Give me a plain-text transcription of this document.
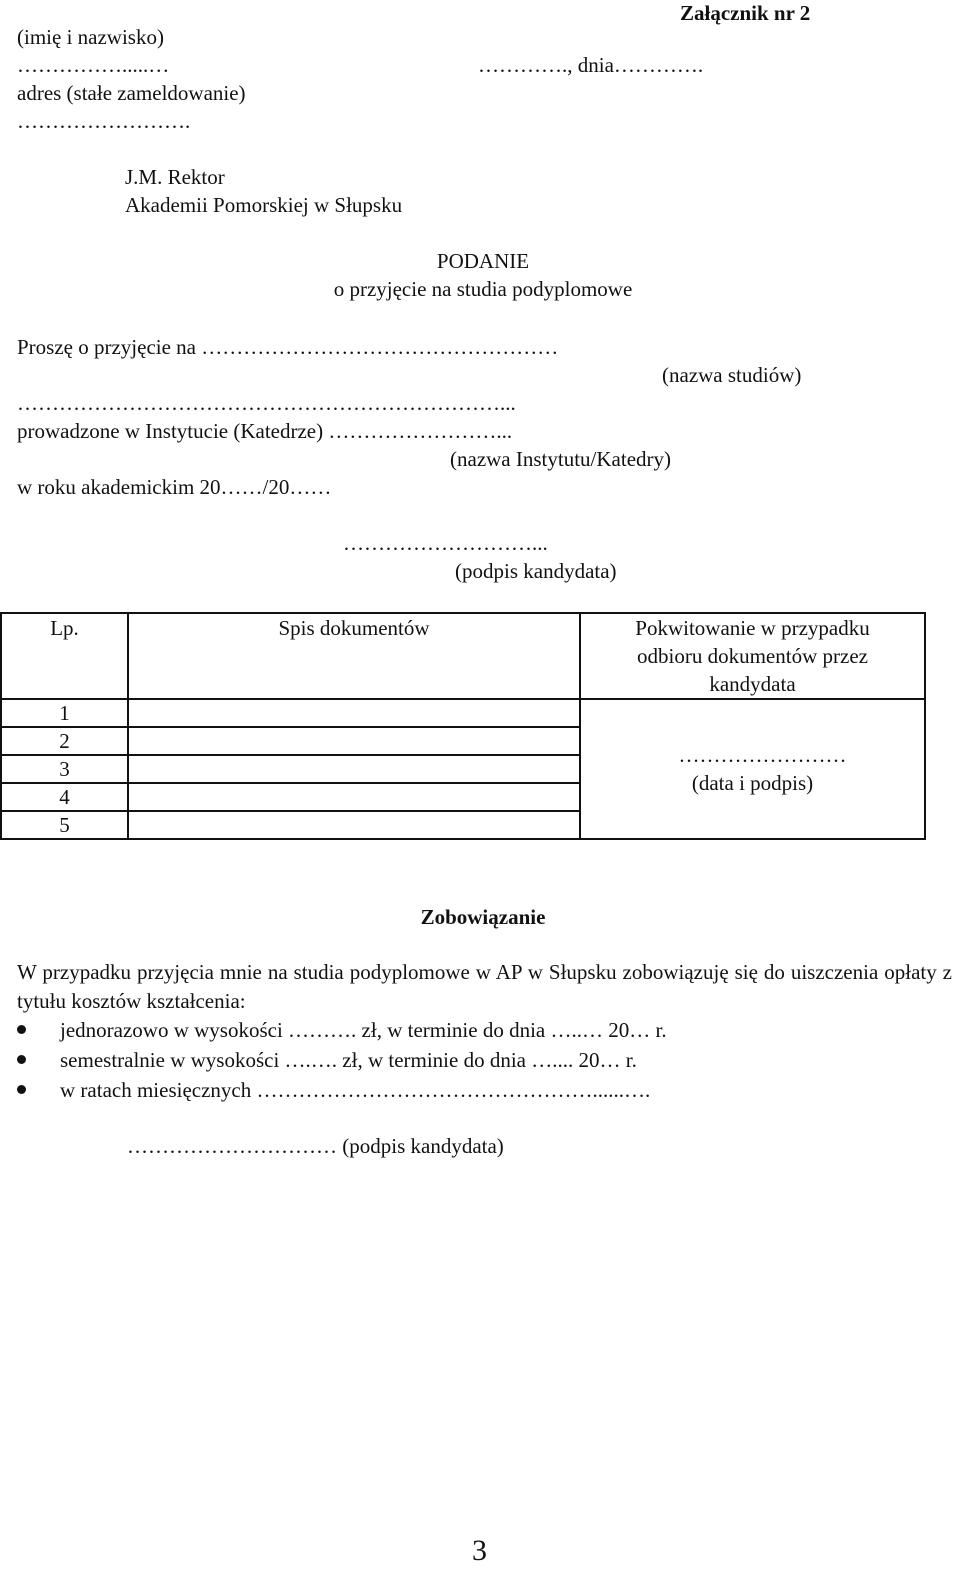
Załącznik nr 2
(imię i nazwisko)
…………….....…	…………., dnia………….
adres (stałe zameldowanie)
…………………….
J.M. Rektor
Akademii Pomorskiej w Słupsku
PODANIE
o przyjęcie na studia podyplomowe
Proszę o przyjęcie na ……………………………………………
(nazwa studiów)
……………………………………………………………...
prowadzone w Instytucie (Katedrze) ……………………...
(nazwa Instytutu/Katedry)
w roku akademickim 20……/20……
………………………...
(podpis kandydata)
Lp.	Spis dokumentów	Pokwitowanie w przypadku
odbioru dokumentów przez
kandydata

1		……………………
(data i podpis)

2		
3		
4		
5		
Zobowiązanie
W przypadku przyjęcia mnie na studia podyplomowe w AP w Słupsku zobowiązuję się do uiszczenia opłaty z tytułu kosztów kształcenia:
jednorazowo w wysokości ………. zł, w terminie do dnia …..… 20… r.
semestralnie w wysokości ….…. zł, w terminie do dnia ….... 20… r.
w ratach miesięcznych …………………………………………......….
………………………… (podpis kandydata)
3
